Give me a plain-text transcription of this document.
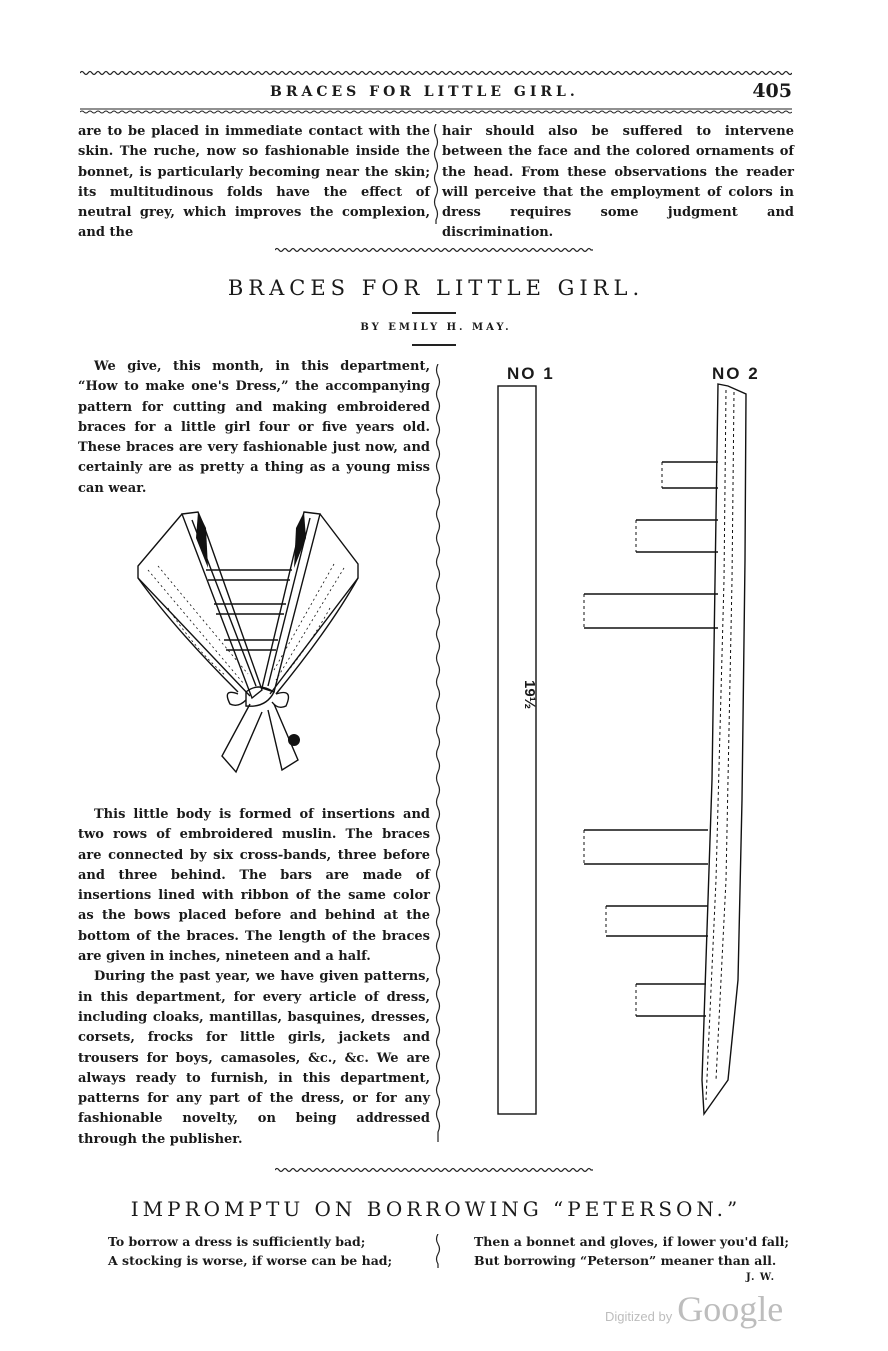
BRACES FOR LITTLE GIRL.	405

are to be placed in immediate contact with the skin. The ruche, now so fashionable inside the bonnet, is particularly becoming near the skin; its multitudinous folds have the effect of neutral grey, which improves the complexion, and the

hair should also be suffered to intervene between the face and the colored ornaments of the head. From these observations the reader will perceive that the employment of colors in dress requires some judgment and discrimination.

BRACES FOR LITTLE GIRL.
BY EMILY H. MAY.

We give, this month, in this department, “How to make one's Dress,” the accompanying pattern for cutting and making embroidered braces for a little girl four or five years old. These braces are very fashionable just now, and certainly are as pretty a thing as a young miss can wear.

This little body is formed of insertions and two rows of embroidered muslin. The braces are connected by six cross-bands, three before and three behind. The bars are made of insertions lined with ribbon of the same color as the bows placed before and behind at the bottom of the braces. The length of the braces are given in inches, nineteen and a half.

During the past year, we have given patterns, in this department, for every article of dress, including cloaks, mantillas, basquines, dresses, corsets, frocks for little girls, jackets and trousers for boys, camasoles, &c., &c. We are always ready to furnish, in this department, patterns for any part of the dress, or for any fashionable novelty, on being addressed through the publisher.

NO 1	NO 2
19½
IMPROMPTU ON BORROWING “PETERSON.”
To borrow a dress is sufficiently bad;
A stocking is worse, if worse can be had;
Then a bonnet and gloves, if lower you'd fall;
But borrowing “Peterson” meaner than all.
J. W.
Digitized by Google
